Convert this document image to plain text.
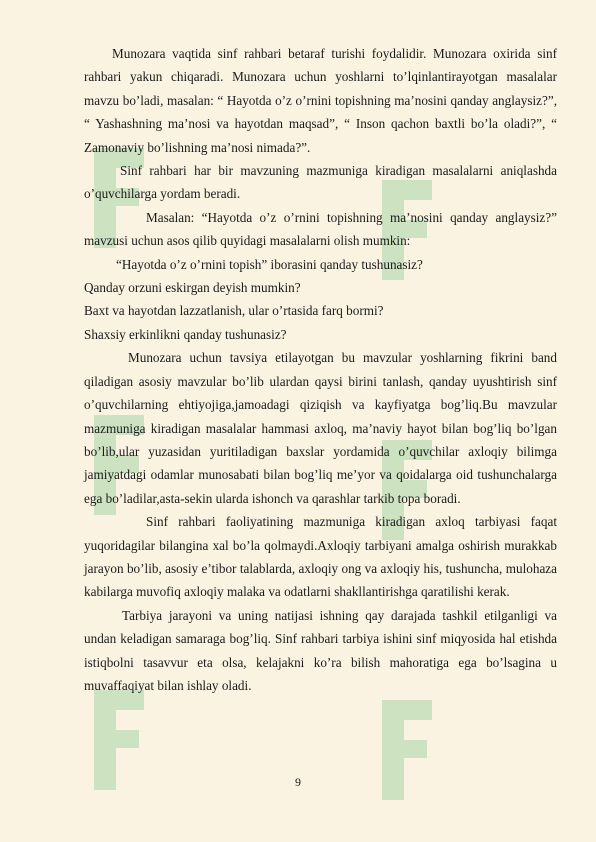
Munozara vaqtida sinf rahbari betaraf turishi foydalidir. Munozara oxirida sinf rahbari yakun chiqaradi. Munozara uchun yoshlarni to’lqinlantirayotgan masalalar mavzu bo’ladi, masalan: “ Hayotda o’z o’rnini topishning ma’nosini qanday anglaysiz?”, “ Yashashning ma’nosi va hayotdan maqsad”, “ Inson qachon baxtli bo’la oladi?”, “ Zamonaviy bo’lishning ma’nosi nimada?”.

Sinf rahbari har bir mavzuning mazmuniga kiradigan masalalarni aniqlashda o’quvchilarga yordam beradi.

Masalan: “Hayotda o’z o’rnini topishning ma’nosini qanday anglaysiz?” mavzusi uchun asos qilib quyidagi masalalarni olish mumkin:

“Hayotda o’z o’rnini topish” iborasini qanday tushunasiz?

Qanday orzuni eskirgan deyish mumkin?

Baxt va hayotdan lazzatlanish, ular o’rtasida farq bormi?

Shaxsiy erkinlikni qanday tushunasiz?

Munozara uchun tavsiya etilayotgan bu mavzular yoshlarning fikrini band qiladigan asosiy mavzular bo’lib ulardan qaysi birini tanlash, qanday uyushtirish sinf o’quvchilarning ehtiyojiga,jamoadagi qiziqish va kayfiyatga bog’liq.Bu mavzular mazmuniga kiradigan masalalar hammasi axloq, ma’naviy hayot bilan bog’liq bo’lgan bo’lib,ular yuzasidan yuritiladigan baxslar yordamida o’quvchilar axloqiy bilimga jamiyatdagi odamlar munosabati bilan bog’liq me’yor va qoidalarga oid tushunchalarga ega bo’ladilar,asta-sekin ularda ishonch va qarashlar tarkib topa boradi.

Sinf rahbari faoliyatining mazmuniga kiradigan axloq tarbiyasi faqat yuqoridagilar bilangina xal bo’la qolmaydi.Axloqiy tarbiyani amalga oshirish murakkab jarayon bo’lib, asosiy e’tibor talablarda, axloqiy ong va axloqiy his, tushuncha, mulohaza kabilarga muvofiq axloqiy malaka va odatlarni shakllantirishga qaratilishi kerak.

Tarbiya jarayoni va uning natijasi ishning qay darajada tashkil etilganligi va undan keladigan samaraga bog’liq. Sinf rahbari tarbiya ishini sinf miqyosida hal etishda istiqbolni tasavvur eta olsa, kelajakni ko’ra bilish mahoratiga ega bo’lsagina u muvaffaqiyat bilan ishlay oladi.

9
